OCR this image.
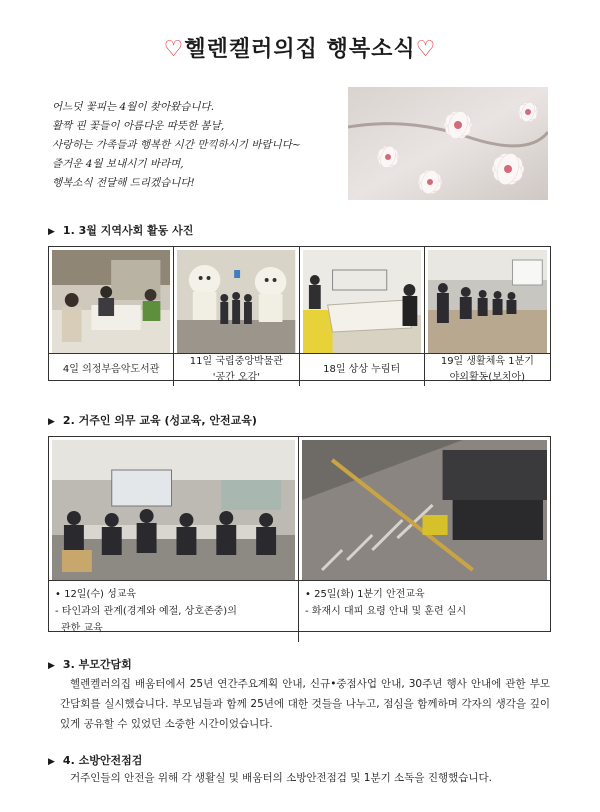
♡헬렌켈러의집 행복소식♡
어느덧 꽃피는 4월이 찾아왔습니다.
활짝 핀 꽃들이 아름다운 따뜻한 봄날,
사랑하는 가족들과 행복한 시간 만끽하시기 바랍니다~
즐거운 4월 보내시기 바라며,
행복소식 전달해 드리겠습니다!
▶ 1. 3월 지역사회 활동 사진
4일 의정부음악도서관
11일 국립중앙박물관
'공간 오감'
18일 상상 누림터
19일 생활체육 1분기
야외활동(보치아)
▶ 2. 거주인 의무 교육 (성교육, 안전교육)
• 12일(수) 성교육
- 타인과의 관계(경계와 예절, 상호존중)의
관한 교육
• 25일(화) 1분기 안전교육
- 화재시 대피 요령 안내 및 훈련 실시
▶ 3. 부모간담회
헬렌켈러의집 배움터에서 25년 연간주요계획 안내, 신규•중점사업 안내, 30주년 행사 안내에 관한 부모간담회를 실시했습니다. 부모님들과 함께 25년에 대한 것들을 나누고, 점심을 함께하며 각자의 생각을 깊이 있게 공유할 수 있었던 소중한 시간이었습니다.
▶ 4. 소방안전점검
거주인들의 안전을 위해 각 생활실 및 배움터의 소방안전점검 및 1분기 소독을 진행했습니다.
